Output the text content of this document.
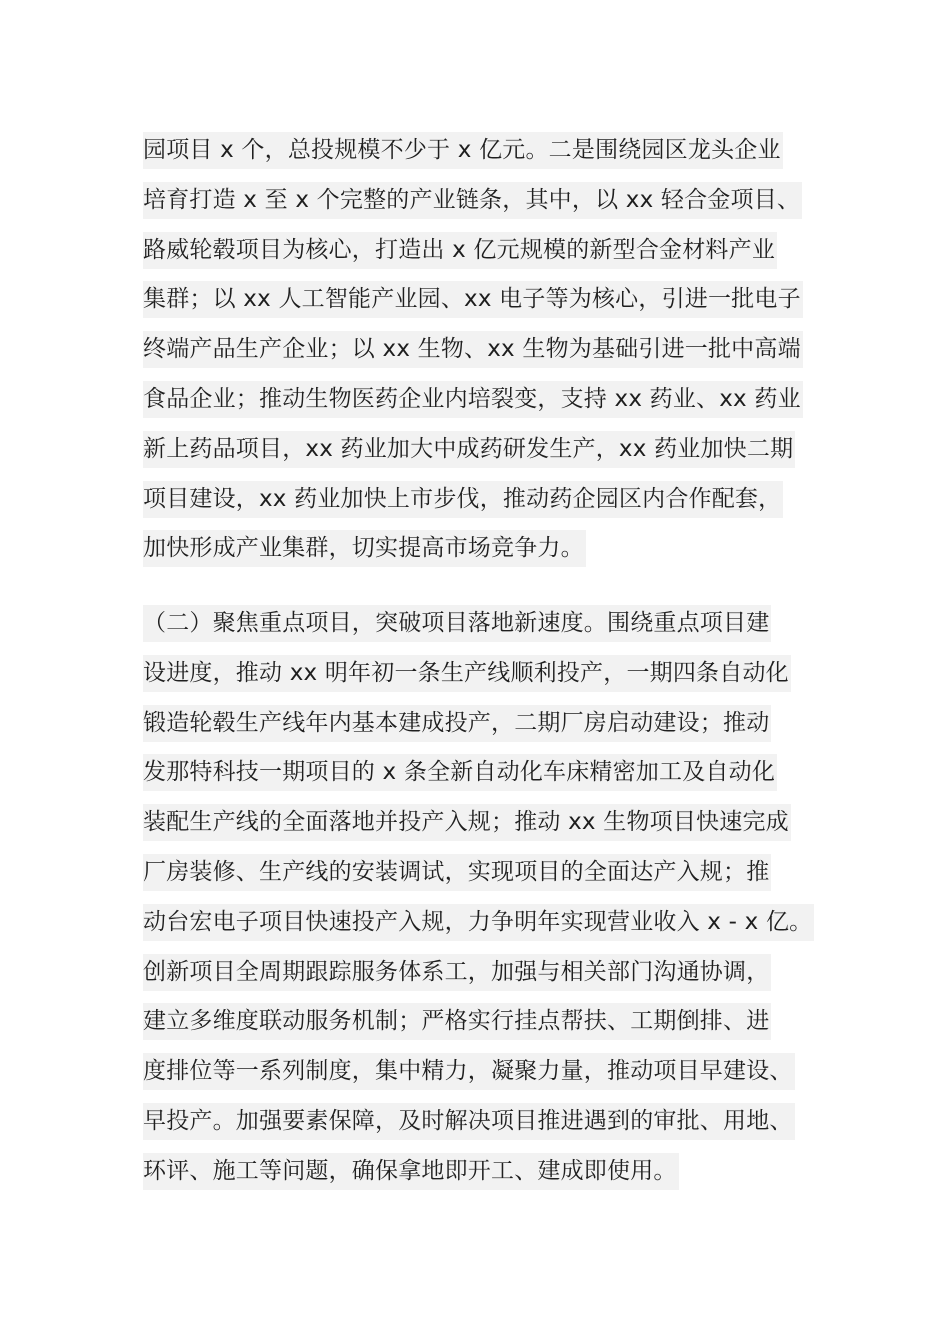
园项目 x 个，总投规模不少于 x 亿元。二是围绕园区龙头企业
培育打造 x 至 x 个完整的产业链条，其中，以 xx 轻合金项目、
路威轮毂项目为核心，打造出 x 亿元规模的新型合金材料产业
集群；以 xx 人工智能产业园、xx 电子等为核心，引进一批电子
终端产品生产企业；以 xx 生物、xx 生物为基础引进一批中高端
食品企业；推动生物医药企业内培裂变，支持 xx 药业、xx 药业
新上药品项目，xx 药业加大中成药研发生产，xx 药业加快二期
项目建设，xx 药业加快上市步伐，推动药企园区内合作配套，
加快形成产业集群，切实提高市场竞争力。
（二）聚焦重点项目，突破项目落地新速度。围绕重点项目建
设进度，推动 xx 明年初一条生产线顺利投产，一期四条自动化
锻造轮毂生产线年内基本建成投产，二期厂房启动建设；推动
发那特科技一期项目的 x 条全新自动化车床精密加工及自动化
装配生产线的全面落地并投产入规；推动 xx 生物项目快速完成
厂房装修、生产线的安装调试，实现项目的全面达产入规；推
动台宏电子项目快速投产入规，力争明年实现营业收入 x - x 亿。
创新项目全周期跟踪服务体系工，加强与相关部门沟通协调，
建立多维度联动服务机制；严格实行挂点帮扶、工期倒排、进
度排位等一系列制度，集中精力，凝聚力量，推动项目早建设、
早投产。加强要素保障，及时解决项目推进遇到的审批、用地、
环评、施工等问题，确保拿地即开工、建成即使用。
